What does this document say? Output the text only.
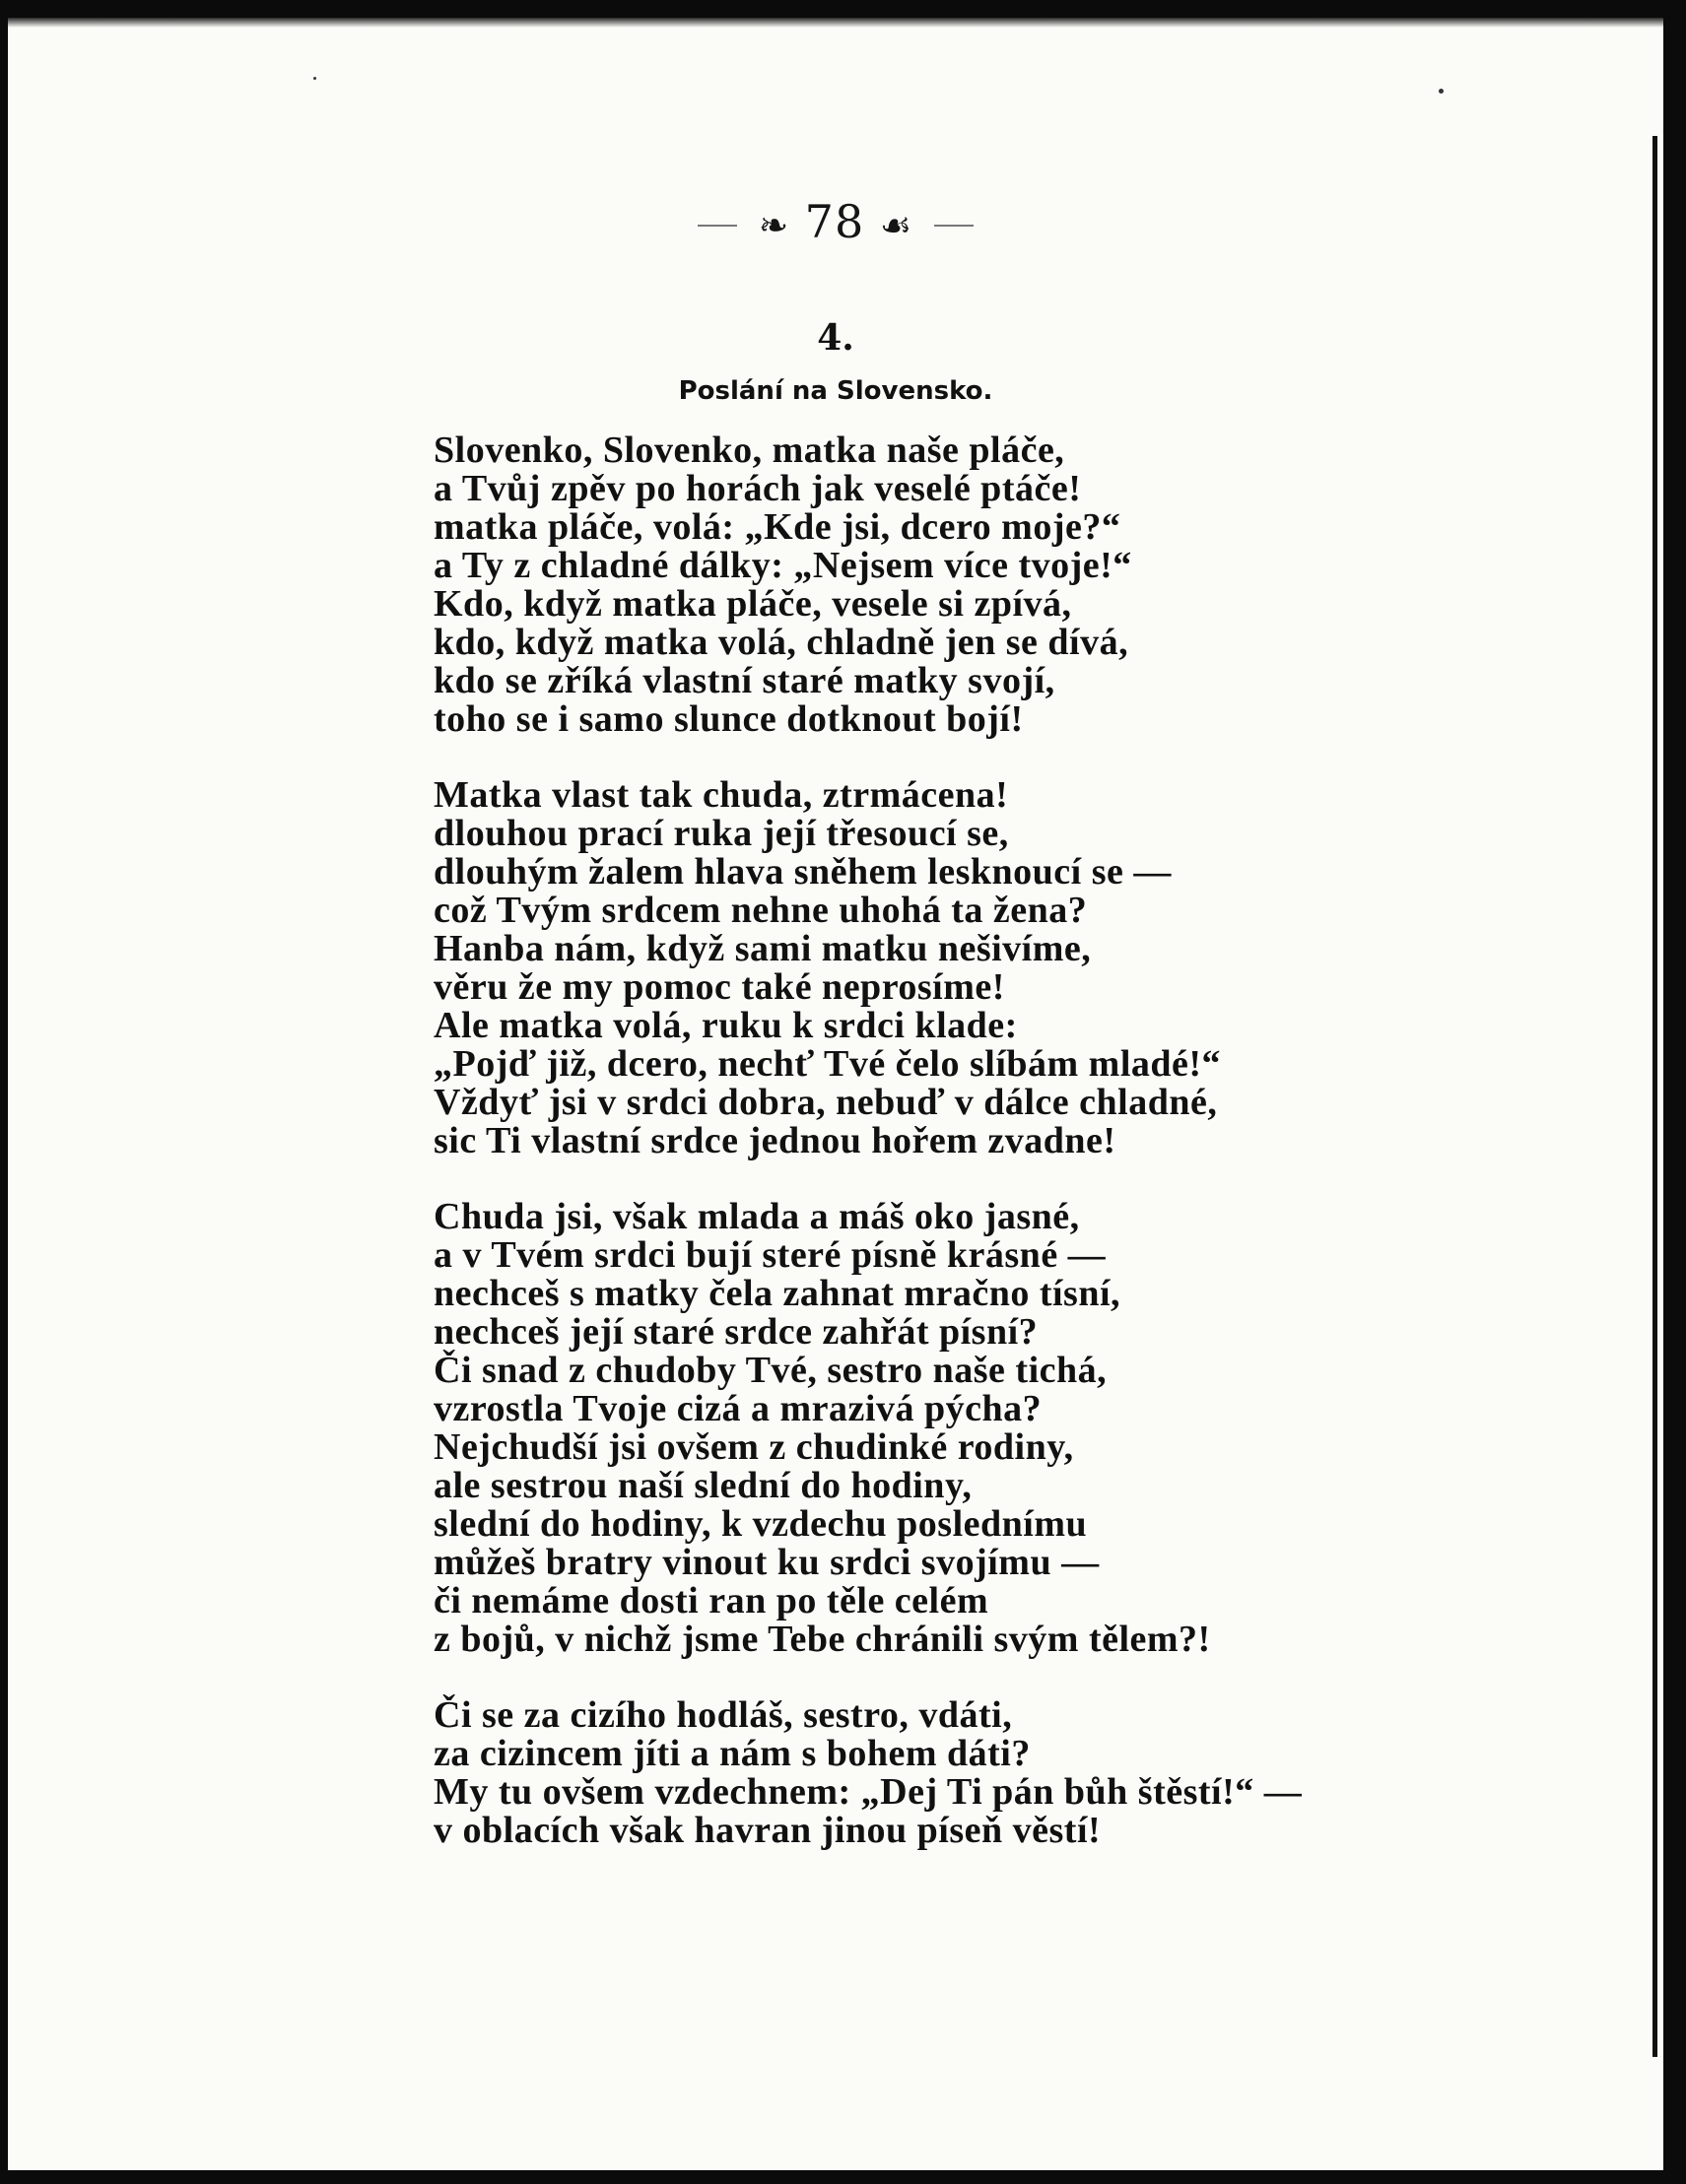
❧ 78 ☙
4.
Poslání na Slovensko.
Slovenko, Slovenko, matka naše pláče,
a Tvůj zpěv po horách jak veselé ptáče!
matka pláče, volá: „Kde jsi, dcero moje?“
a Ty z chladné dálky: „Nejsem více tvoje!“
Kdo, když matka pláče, vesele si zpívá,
kdo, když matka volá, chladně jen se dívá,
kdo se zříká vlastní staré matky svojí,
toho se i samo slunce dotknout bojí!
Matka vlast tak chuda, ztrmácena!
dlouhou prací ruka její třesoucí se,
dlouhým žalem hlava sněhem lesknoucí se —
což Tvým srdcem nehne uhohá ta žena?
Hanba nám, když sami matku nešivíme,
věru že my pomoc také neprosíme!
Ale matka volá, ruku k srdci klade:
„Pojď již, dcero, nechť Tvé čelo slíbám mladé!“
Vždyť jsi v srdci dobra, nebuď v dálce chladné,
sic Ti vlastní srdce jednou hořem zvadne!
Chuda jsi, však mlada a máš oko jasné,
a v Tvém srdci bují steré písně krásné —
nechceš s matky čela zahnat mračno tísní,
nechceš její staré srdce zahřát písní?
Či snad z chudoby Tvé, sestro naše tichá,
vzrostla Tvoje cizá a mrazivá pýcha?
Nejchudší jsi ovšem z chudinké rodiny,
ale sestrou naší slední do hodiny,
slední do hodiny, k vzdechu poslednímu
můžeš bratry vinout ku srdci svojímu —
či nemáme dosti ran po těle celém
z bojů, v nichž jsme Tebe chránili svým tělem?!
Či se za cizího hodláš, sestro, vdáti,
za cizincem jíti a nám s bohem dáti?
My tu ovšem vzdechnem: „Dej Ti pán bůh štěstí!“ —
v oblacích však havran jinou píseň věstí!
